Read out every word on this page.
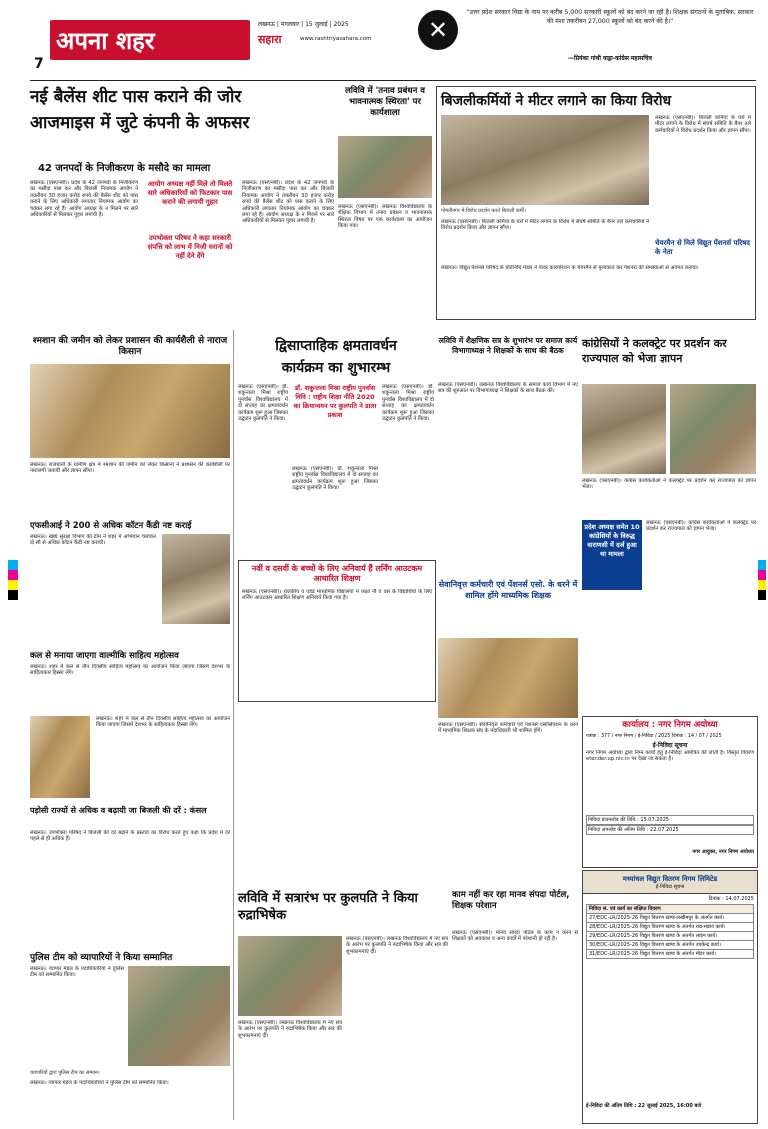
7
अपना शहर
लखनऊ | मंगलवार | 15 जुलाई | 2025
सहारा	www.rashtriyasahara.com	✕
"उत्तर प्रदेश सरकार विद्या के नाम पर करीब 5,000 सरकारी स्कूलों को बंद करने जा रही है। शिक्षक संगठनों के मुताबिक, सरकार की मंशा तकरीबन 27,000 स्कूलों को बंद करने की है।"
—प्रियंका गांधी वाड्रा-कांग्रेस महासचिव
नई बैलेंस शीट पास कराने की जोर
आजमाइस में जुटे कंपनी के अफसर
42 जनपदों के निजीकरण के मसौदे का मामला
लखनऊ (एसएनबी)। प्रदेश के 42 जनपदों के निजीकरण का मसौदा पास कर और बिजली नियामक आयोग ने तकरीबन 30 हजार करोड़ रुपये की बैलेंस शीट को पास कराने के लिए अधिकारी लगातार नियामक आयोग का चक्कर लगा रहे हैं। आयोग अध्यक्ष के न मिलने पर सारे अधिकारियों से मिलकर गुहार लगायी है।
आयोग अध्यक्ष नहीं मिले तो मिलते सारे अधिकारियों को फिटकार पास कराने की लगायी गुहार
उपभोक्ता परिषद ने कहा सरकारी संपत्ति को लाभ में निजी घरानों को नहीं देने देंगे
लखनऊ (एसएनबी)। प्रदेश के 42 जनपदों के निजीकरण का मसौदा पास कर और बिजली नियामक आयोग ने तकरीबन 30 हजार करोड़ रुपये की बैलेंस शीट को पास कराने के लिए अधिकारी लगातार नियामक आयोग का चक्कर लगा रहे हैं। आयोग अध्यक्ष के न मिलने पर सारे अधिकारियों से मिलकर गुहार लगायी है।
लविवि में 'तनाव प्रबंधन व भावनात्मक स्थिरता' पर कार्यशाला
लखनऊ (एसएनबी)। लखनऊ विश्वविद्यालय के शैक्षिक विभाग में तनाव प्रबंधन व भावनात्मक स्थिरता विषय पर एक कार्यशाला का आयोजन किया गया।
बिजलीकर्मियों ने मीटर लगाने का किया विरोध
लखनऊ (एसएनबी)। बिजली कर्मियों के घरों में मीटर लगाने के विरोध में संघर्ष समिति के बैनर तले कर्मचारियों ने विरोध प्रदर्शन किया और ज्ञापन सौंपा।
गोमतीनगर में विरोध प्रदर्शन करते बिजली कर्मी।
लखनऊ (एसएनबी)। बिजली कर्मियों के घरों में मीटर लगाने के विरोध में संघर्ष समिति के बैनर तले कर्मचारियों ने विरोध प्रदर्शन किया और ज्ञापन सौंपा।
चेयरमैन से मिले विद्युत पेंशनर्स परिषद के नेता
लखनऊ। विद्युत पेंशनर्स परिषद के प्रतिनिधि मंडल ने पावर कारपोरेशन के चेयरमैन से मुलाकात कर पेंशनरों की समस्याओं से अवगत कराया।
श्मशान की जमीन को लेकर प्रशासन की कार्यशैली से नाराज किसान
लखनऊ। राजधानी के ग्रामीण क्षेत्र में श्मशान की जमीन को लेकर किसानों ने प्रशासन की कार्यशैली पर नाराजगी जतायी और ज्ञापन सौंपा।
एफसीआई ने 200 से अधिक कॉटन कैंडी नष्ट कराई
लखनऊ। खाद्य सुरक्षा विभाग की टीम ने शहर में अभियान चलाकर दो सौ से अधिक कॉटन कैंडी नष्ट करायी।
कल से मनाया जाएगा वाल्मीकि साहित्य महोत्सव
लखनऊ। शहर में कल से तीन दिवसीय साहित्य महोत्सव का आयोजन किया जाएगा जिसमें देशभर के साहित्यकार हिस्सा लेंगे।
लखनऊ। शहर में कल से तीन दिवसीय साहित्य महोत्सव का आयोजन किया जाएगा जिसमें देशभर के साहित्यकार हिस्सा लेंगे।
पड़ोसी राज्यों से अधिक व बढ़ायी जा बिजली की दरें : कंसल
लखनऊ। उपभोक्ता परिषद ने बिजली की दरें बढ़ाने के प्रस्ताव का विरोध करते हुए कहा कि प्रदेश में दरें पहले से ही अधिक हैं।
पुलिस टीम को व्यापारियों ने किया सम्मानित
लखनऊ। व्यापार मंडल के पदाधिकारियों ने पुलिस टीम को सम्मानित किया।
व्यापारियों द्वारा पुलिस टीम का सम्मान।
लखनऊ। व्यापार मंडल के पदाधिकारियों ने पुलिस टीम को सम्मानित किया।
द्विसाप्ताहिक क्षमतावर्धन
कार्यक्रम का शुभारम्भ
लखनऊ (एसएनबी)। डॉ. शकुन्तला मिश्रा राष्ट्रीय पुनर्वास विश्वविद्यालय में दो सप्ताह का क्षमतावर्धन कार्यक्रम शुरू हुआ जिसका उद्घाटन कुलपति ने किया।
डॉ. शकुन्तला मिश्रा राष्ट्रीय पुनर्वास विवि : राष्ट्रीय शिक्षा नीति 2020 का क्रियान्वयन पर कुलपति ने डाला प्रकाश
लखनऊ (एसएनबी)। डॉ. शकुन्तला मिश्रा राष्ट्रीय पुनर्वास विश्वविद्यालय में दो सप्ताह का क्षमतावर्धन कार्यक्रम शुरू हुआ जिसका उद्घाटन कुलपति ने किया।
लखनऊ (एसएनबी)। डॉ. शकुन्तला मिश्रा राष्ट्रीय पुनर्वास विश्वविद्यालय में दो सप्ताह का क्षमतावर्धन कार्यक्रम शुरू हुआ जिसका उद्घाटन कुलपति ने किया।
नवीं व दसवीं के बच्चों के लिए अनिवार्य हैं लर्निंग आउटकम आधारित शिक्षण
लखनऊ (एसएनबी)। राजकीय व एडेड माध्यमिक विद्यालयों में कक्षा नौ व दस के विद्यार्थियों के लिए लर्निंग आउटकम आधारित शिक्षण अनिवार्य किया गया है।
लविवि में शैक्षणिक सत्र के शुभारंभ पर समाज कार्य विभागाध्यक्ष ने शिक्षकों के साथ की बैठक
लखनऊ (एसएनबी)। लखनऊ विश्वविद्यालय के समाज कार्य विभाग में नए सत्र की शुरुआत पर विभागाध्यक्ष ने शिक्षकों के साथ बैठक की।
कांग्रेसियों ने कलक्ट्रेट पर प्रदर्शन कर राज्यपाल को भेजा ज्ञापन
लखनऊ (एसएनबी)। कांग्रेस कार्यकर्ताओं ने कलक्ट्रेट पर प्रदर्शन कर राज्यपाल को ज्ञापन भेजा।
प्रदेश अध्यक्ष समेत 10 कांग्रेसियों के विरुद्ध वाराणसी में दर्ज हुआ था मामला
लखनऊ (एसएनबी)। कांग्रेस कार्यकर्ताओं ने कलक्ट्रेट पर प्रदर्शन कर राज्यपाल को ज्ञापन भेजा।
सेवानिवृत्त कर्मचारी एवं पेंशनर्स एसो. के धरने में शामिल होंगे माध्यमिक शिक्षक
लखनऊ (एसएनबी)। सेवानिवृत्त कर्मचारी एवं पेंशनर्स एसोसिएशन के धरने में माध्यमिक शिक्षक संघ के पदाधिकारी भी शामिल होंगे।
कार्यालय : नगर निगम अयोध्या
पत्रांक : 377 / नगर निगम / ई-निविदा / 2025 दिनांक : 14 / 07 / 2025
ई-निविदा सूचना
नगर निगम अयोध्या द्वारा निम्न कार्यों हेतु ई-निविदा आमंत्रित की जाती है। विस्तृत विवरण etender.up.nic.in पर देखा जा सकता है।
निविदा डाउनलोड की तिथि : 15.07.2025
निविदा अपलोड की अंतिम तिथि : 22.07.2025
नगर आयुक्त, नगर निगम अयोध्या
लविवि में सत्रारंभ पर कुलपति ने किया रुद्राभिषेक
लखनऊ (एसएनबी)। लखनऊ विश्वविद्यालय में नए सत्र के आरंभ पर कुलपति ने रुद्राभिषेक किया और सत्र की शुभकामनाएं दीं।
लखनऊ (एसएनबी)। लखनऊ विश्वविद्यालय में नए सत्र के आरंभ पर कुलपति ने रुद्राभिषेक किया और सत्र की शुभकामनाएं दीं।
काम नहीं कर रहा मानव संपदा पोर्टल, शिक्षक परेशान
लखनऊ (एसएनबी)। मानव संपदा पोर्टल के काम न करने से शिक्षकों को अवकाश व अन्य कार्यों में परेशानी हो रही है।
मध्यांचल विद्युत वितरण निगम लिमिटेड
ई-निविदा सूचना
दिनांक : 14.07.2025
निविदा सं. एवं कार्य का संक्षिप्त विवरण
27/EDC-LR/2025-26 विद्युत वितरण खण्ड-लखीमपुर के अंतर्गत कार्य।
28/EDC-LR/2025-26 विद्युत वितरण खण्ड के अंतर्गत रख-रखाव कार्य।
29/EDC-LR/2025-26 विद्युत वितरण खण्ड के अंतर्गत लाइन कार्य।
30/EDC-LR/2025-26 विद्युत वितरण खण्ड के अंतर्गत उपकेन्द्र कार्य।
31/EDC-LR/2025-26 विद्युत वितरण खण्ड के अंतर्गत मीटर कार्य।
ई-निविदा की अंतिम तिथि : 22 जुलाई 2025, 16:00 बजे
